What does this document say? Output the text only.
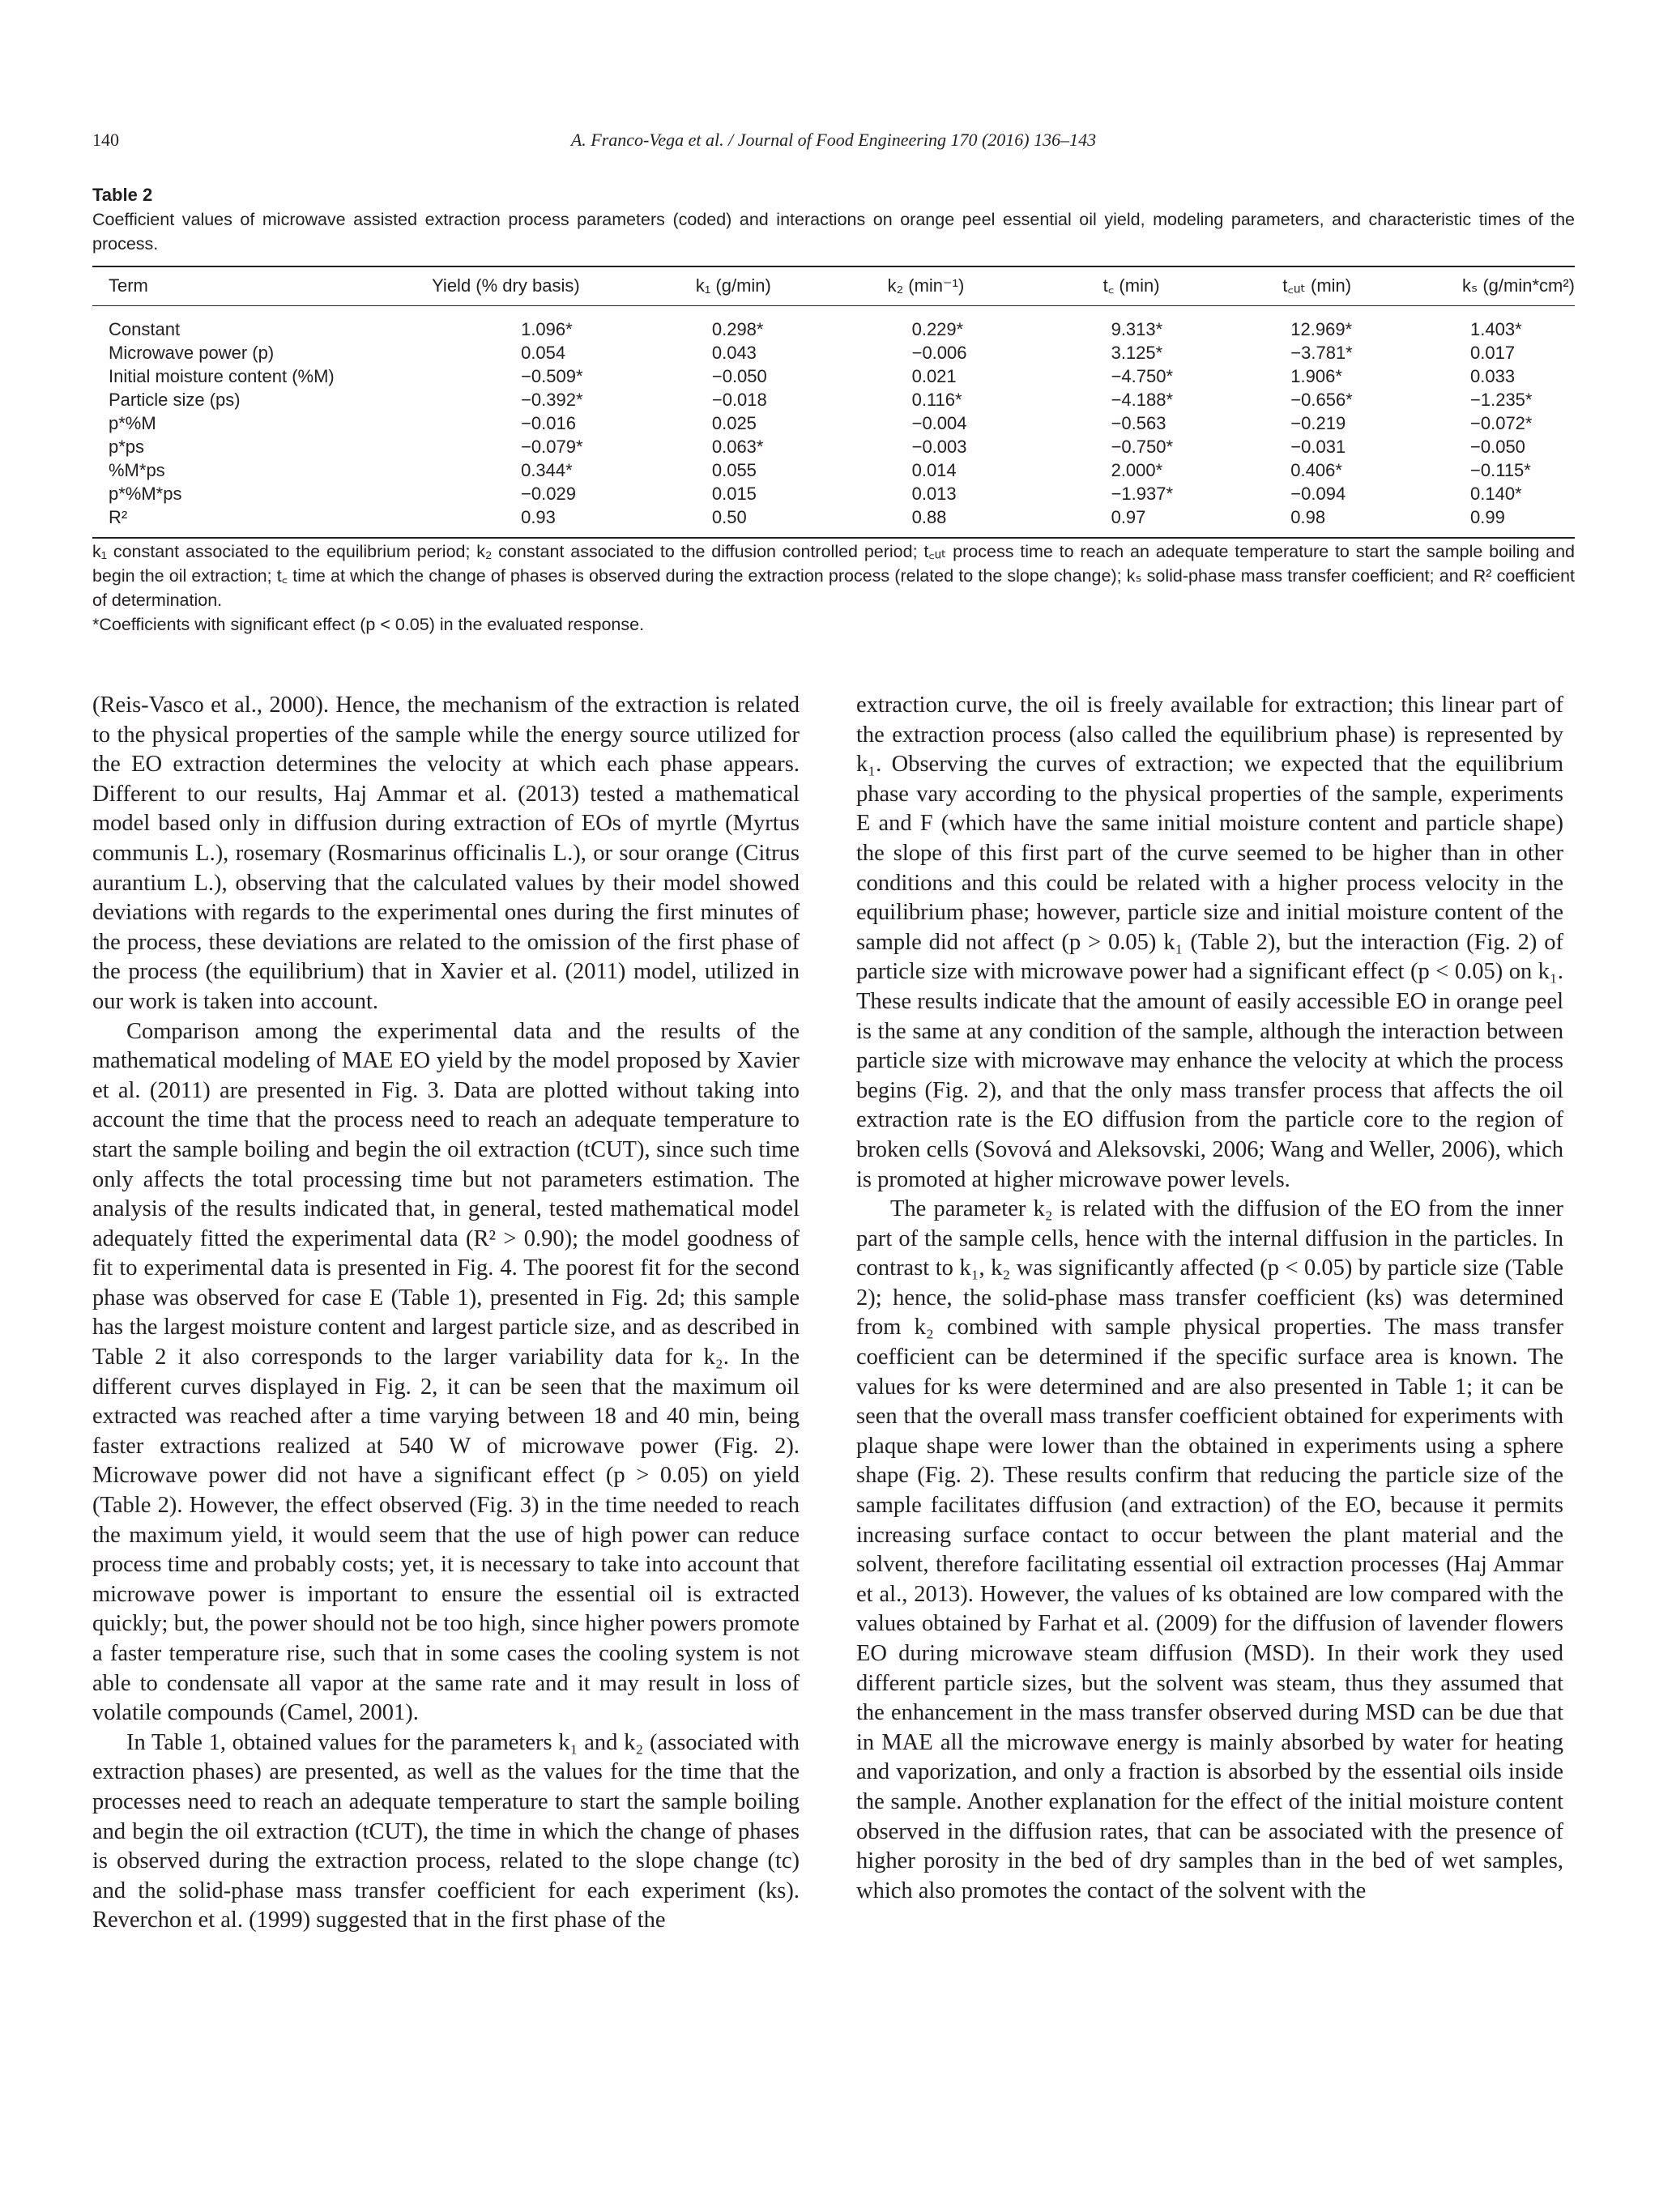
140	A. Franco-Vega et al. / Journal of Food Engineering 170 (2016) 136–143
Table 2
Coefficient values of microwave assisted extraction process parameters (coded) and interactions on orange peel essential oil yield, modeling parameters, and characteristic times of the process.
Term	Yield (% dry basis)	k₁ (g/min)	k₂ (min⁻¹)	t꜀ (min)	t꜀ᵤₜ (min)	kₛ (g/min*cm²)
Constant	1.096*	0.298*	0.229*	9.313*	12.969*	1.403*
Microwave power (p)	0.054	0.043	−0.006	3.125*	−3.781*	0.017
Initial moisture content (%M)	−0.509*	−0.050	0.021	−4.750*	1.906*	0.033
Particle size (ps)	−0.392*	−0.018	0.116*	−4.188*	−0.656*	−1.235*
p*%M	−0.016	0.025	−0.004	−0.563	−0.219	−0.072*
p*ps	−0.079*	0.063*	−0.003	−0.750*	−0.031	−0.050
%M*ps	0.344*	0.055	0.014	2.000*	0.406*	−0.115*
p*%M*ps	−0.029	0.015	0.013	−1.937*	−0.094	0.140*
R²	0.93	0.50	0.88	0.97	0.98	0.99
k₁ constant associated to the equilibrium period; k₂ constant associated to the diffusion controlled period; t꜀ᵤₜ process time to reach an adequate temperature to start the sample boiling and begin the oil extraction; t꜀ time at which the change of phases is observed during the extraction process (related to the slope change); kₛ solid-phase mass transfer coefficient; and R² coefficient of determination.
*Coefficients with significant effect (p < 0.05) in the evaluated response.

(Reis-Vasco et al., 2000). Hence, the mechanism of the extraction is related to the physical properties of the sample while the energy source utilized for the EO extraction determines the velocity at which each phase appears. Different to our results, Haj Ammar et al. (2013) tested a mathematical model based only in diffusion during extraction of EOs of myrtle (Myrtus communis L.), rosemary (Rosmarinus officinalis L.), or sour orange (Citrus aurantium L.), observing that the calculated values by their model showed deviations with regards to the experimental ones during the first minutes of the process, these deviations are related to the omission of the first phase of the process (the equilibrium) that in Xavier et al. (2011) model, utilized in our work is taken into account.

Comparison among the experimental data and the results of the mathematical modeling of MAE EO yield by the model proposed by Xavier et al. (2011) are presented in Fig. 3. Data are plotted without taking into account the time that the process need to reach an adequate temperature to start the sample boiling and begin the oil extraction (tCUT), since such time only affects the total processing time but not parameters estimation. The analysis of the results indicated that, in general, tested mathematical model adequately fitted the experimental data (R² > 0.90); the model goodness of fit to experimental data is presented in Fig. 4. The poorest fit for the second phase was observed for case E (Table 1), presented in Fig. 2d; this sample has the largest moisture content and largest particle size, and as described in Table 2 it also corresponds to the larger variability data for k₂. In the different curves displayed in Fig. 2, it can be seen that the maximum oil extracted was reached after a time varying between 18 and 40 min, being faster extractions realized at 540 W of microwave power (Fig. 2). Microwave power did not have a significant effect (p > 0.05) on yield (Table 2). However, the effect observed (Fig. 3) in the time needed to reach the maximum yield, it would seem that the use of high power can reduce process time and probably costs; yet, it is necessary to take into account that microwave power is important to ensure the essential oil is extracted quickly; but, the power should not be too high, since higher powers promote a faster temperature rise, such that in some cases the cooling system is not able to condensate all vapor at the same rate and it may result in loss of volatile compounds (Camel, 2001).

In Table 1, obtained values for the parameters k₁ and k₂ (associated with extraction phases) are presented, as well as the values for the time that the processes need to reach an adequate temperature to start the sample boiling and begin the oil extraction (tCUT), the time in which the change of phases is observed during the extraction process, related to the slope change (tc) and the solid-phase mass transfer coefficient for each experiment (ks). Reverchon et al. (1999) suggested that in the first phase of the

extraction curve, the oil is freely available for extraction; this linear part of the extraction process (also called the equilibrium phase) is represented by k₁. Observing the curves of extraction; we expected that the equilibrium phase vary according to the physical properties of the sample, experiments E and F (which have the same initial moisture content and particle shape) the slope of this first part of the curve seemed to be higher than in other conditions and this could be related with a higher process velocity in the equilibrium phase; however, particle size and initial moisture content of the sample did not affect (p > 0.05) k₁ (Table 2), but the interaction (Fig. 2) of particle size with microwave power had a significant effect (p < 0.05) on k₁. These results indicate that the amount of easily accessible EO in orange peel is the same at any condition of the sample, although the interaction between particle size with microwave may enhance the velocity at which the process begins (Fig. 2), and that the only mass transfer process that affects the oil extraction rate is the EO diffusion from the particle core to the region of broken cells (Sovová and Aleksovski, 2006; Wang and Weller, 2006), which is promoted at higher microwave power levels.

The parameter k₂ is related with the diffusion of the EO from the inner part of the sample cells, hence with the internal diffusion in the particles. In contrast to k₁, k₂ was significantly affected (p < 0.05) by particle size (Table 2); hence, the solid-phase mass transfer coefficient (ks) was determined from k₂ combined with sample physical properties. The mass transfer coefficient can be determined if the specific surface area is known. The values for ks were determined and are also presented in Table 1; it can be seen that the overall mass transfer coefficient obtained for experiments with plaque shape were lower than the obtained in experiments using a sphere shape (Fig. 2). These results confirm that reducing the particle size of the sample facilitates diffusion (and extraction) of the EO, because it permits increasing surface contact to occur between the plant material and the solvent, therefore facilitating essential oil extraction processes (Haj Ammar et al., 2013). However, the values of ks obtained are low compared with the values obtained by Farhat et al. (2009) for the diffusion of lavender flowers EO during microwave steam diffusion (MSD). In their work they used different particle sizes, but the solvent was steam, thus they assumed that the enhancement in the mass transfer observed during MSD can be due that in MAE all the microwave energy is mainly absorbed by water for heating and vaporization, and only a fraction is absorbed by the essential oils inside the sample. Another explanation for the effect of the initial moisture content observed in the diffusion rates, that can be associated with the presence of higher porosity in the bed of dry samples than in the bed of wet samples, which also promotes the contact of the solvent with the
